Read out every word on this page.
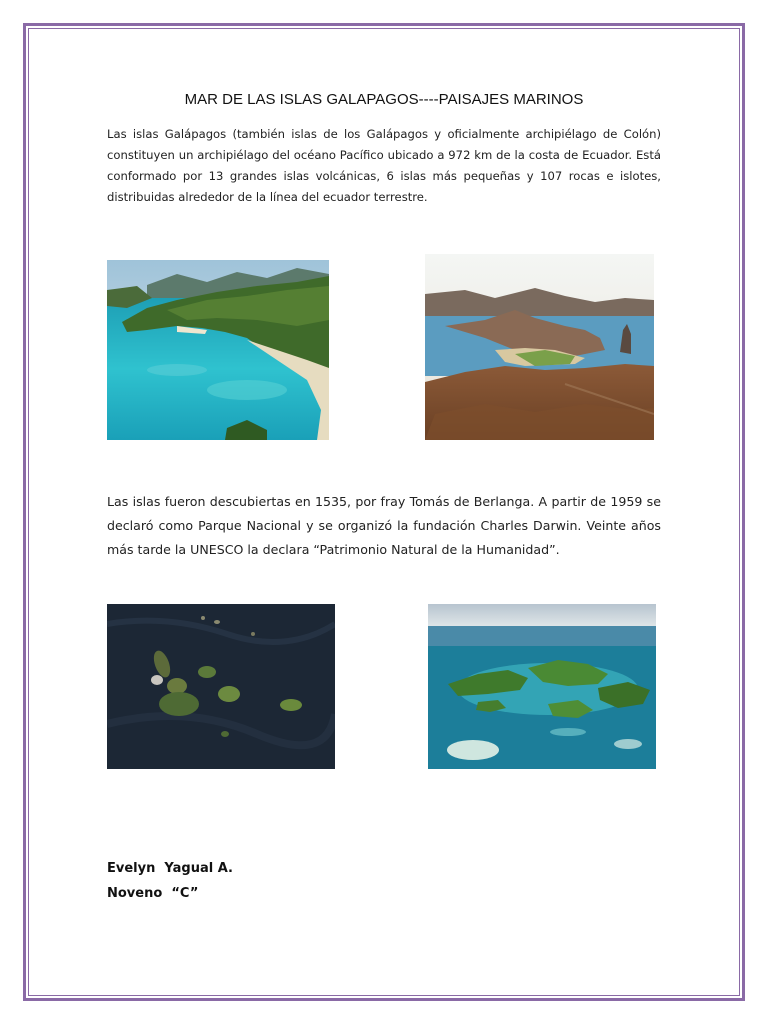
MAR DE LAS ISLAS GALAPAGOS----PAISAJES MARINOS

Las islas Galápagos (también islas de los Galápagos y oficialmente archipiélago de Colón) constituyen un archipiélago del océano Pacífico ubicado a 972 km de la costa de Ecuador. Está conformado por 13 grandes islas volcánicas, 6 islas más pequeñas y 107 rocas e islotes, distribuidas alrededor de la línea del ecuador terrestre.

Las islas fueron descubiertas en 1535, por fray Tomás de Berlanga. A partir de 1959 se declaró como Parque Nacional y se organizó la fundación Charles Darwin. Veinte años más tarde la UNESCO la declara “Patrimonio Natural de la Humanidad”.

Evelyn  Yagual A.
Noveno  “C”
